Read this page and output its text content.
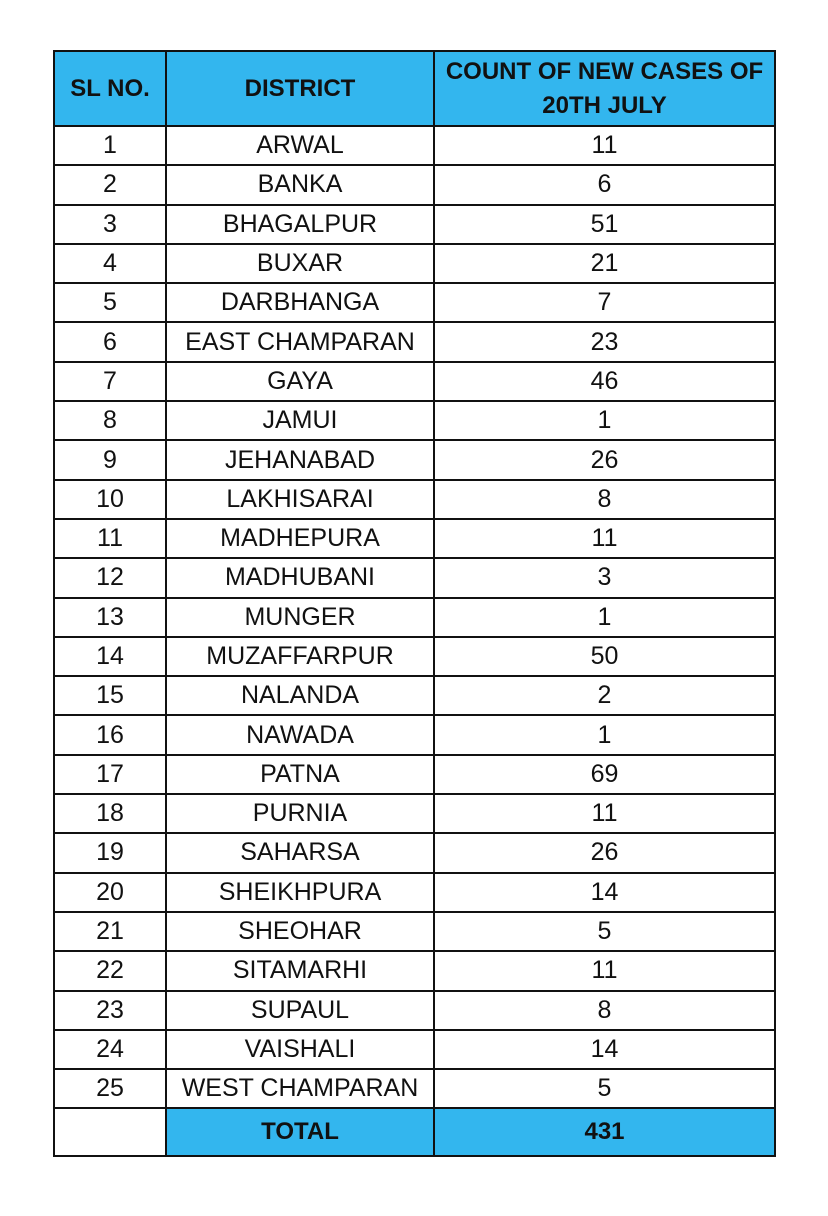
SL NO.	DISTRICT	COUNT OF NEW CASES OF 20TH JULY
1	ARWAL	11
2	BANKA	6
3	BHAGALPUR	51
4	BUXAR	21
5	DARBHANGA	7
6	EAST CHAMPARAN	23
7	GAYA	46
8	JAMUI	1
9	JEHANABAD	26
10	LAKHISARAI	8
11	MADHEPURA	11
12	MADHUBANI	3
13	MUNGER	1
14	MUZAFFARPUR	50
15	NALANDA	2
16	NAWADA	1
17	PATNA	69
18	PURNIA	11
19	SAHARSA	26
20	SHEIKHPURA	14
21	SHEOHAR	5
22	SITAMARHI	11
23	SUPAUL	8
24	VAISHALI	14
25	WEST CHAMPARAN	5
	TOTAL	431
